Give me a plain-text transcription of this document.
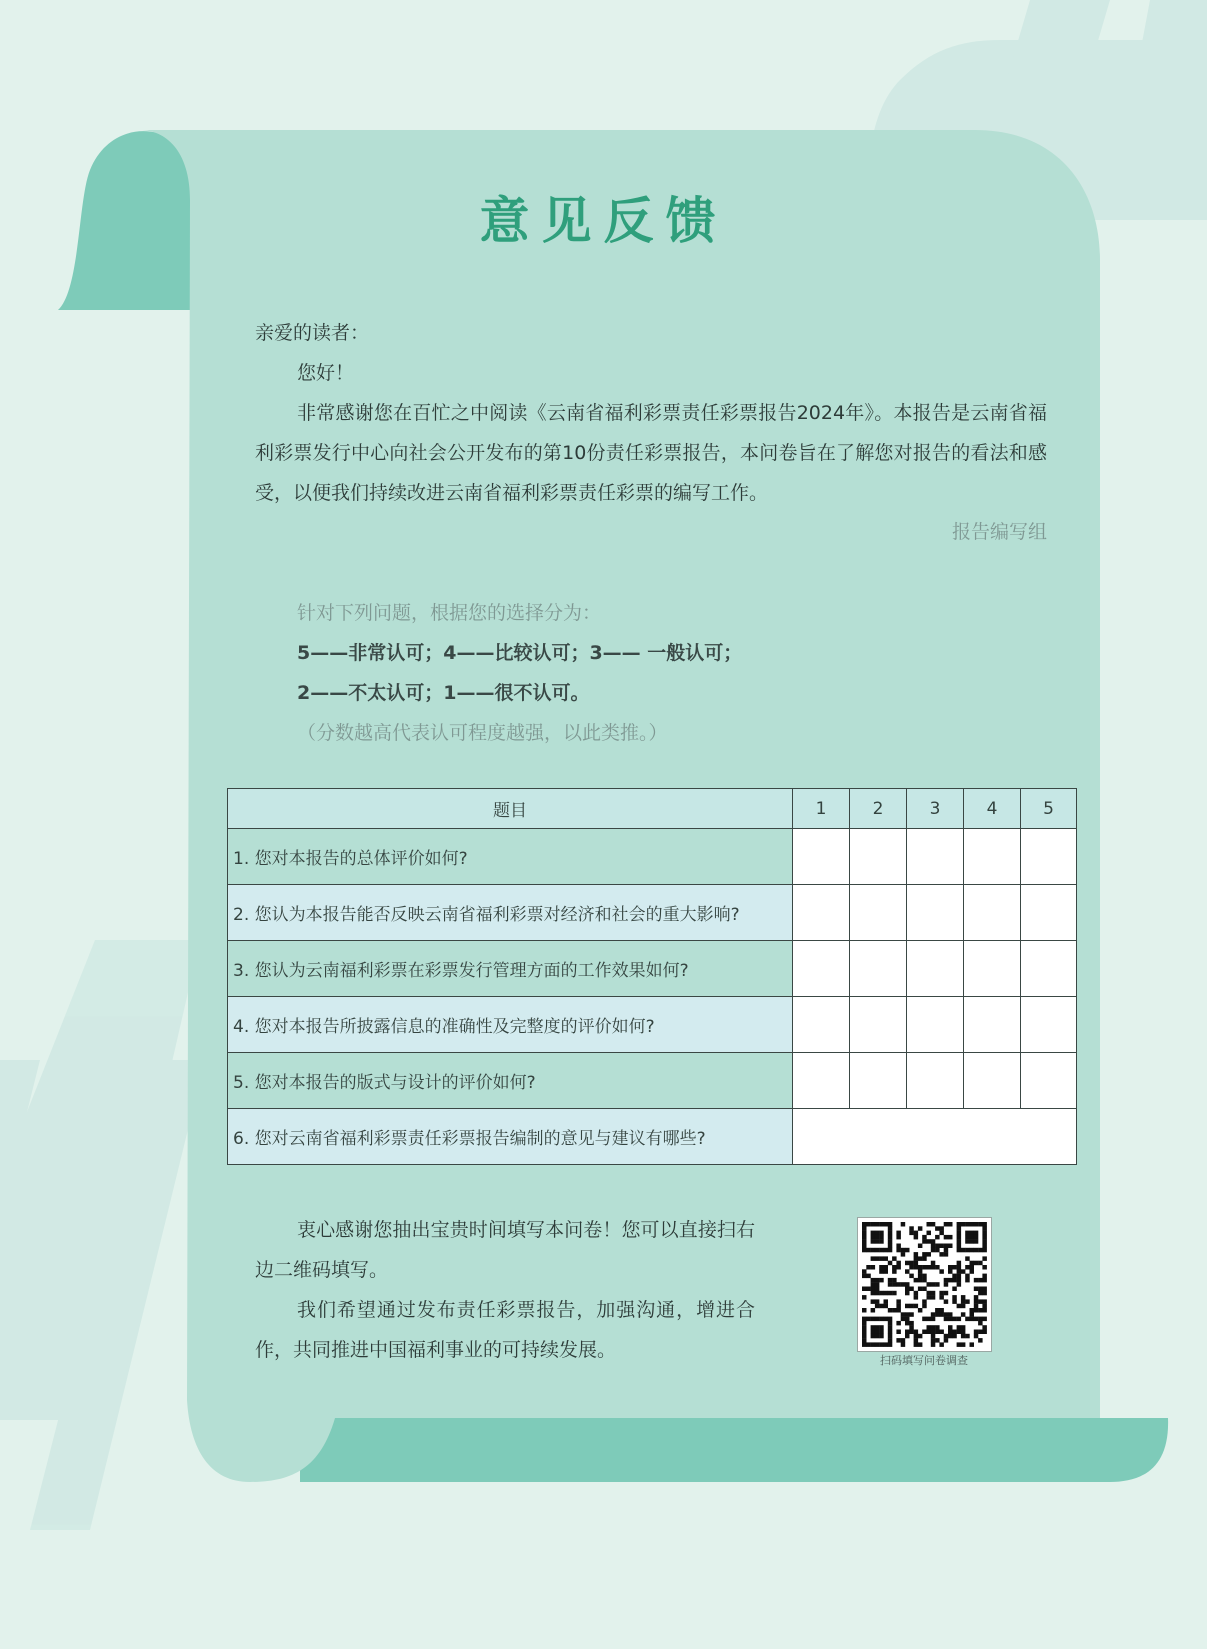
意见反馈
亲爱的读者：
您好！
非常感谢您在百忙之中阅读《云南省福利彩票责任彩票报告2024年》。本报告是云南省福利彩票发行中心向社会公开发布的第10份责任彩票报告，本问卷旨在了解您对报告的看法和感受，以便我们持续改进云南省福利彩票责任彩票的编写工作。
报告编写组
针对下列问题，根据您的选择分为：
5——非常认可；4——比较认可；3—— 一般认可；
2——不太认可；1——很不认可。
（分数越高代表认可程度越强，以此类推。）
题目	1	2	3	4	5
1. 您对本报告的总体评价如何?					
2. 您认为本报告能否反映云南省福利彩票对经济和社会的重大影响?					
3. 您认为云南福利彩票在彩票发行管理方面的工作效果如何?					
4. 您对本报告所披露信息的准确性及完整度的评价如何?					
5. 您对本报告的版式与设计的评价如何?					
6. 您对云南省福利彩票责任彩票报告编制的意见与建议有哪些?					
衷心感谢您抽出宝贵时间填写本问卷！您可以直接扫右边二维码填写。
我们希望通过发布责任彩票报告，加强沟通，增进合作，共同推进中国福利事业的可持续发展。	扫码填写问卷调查
